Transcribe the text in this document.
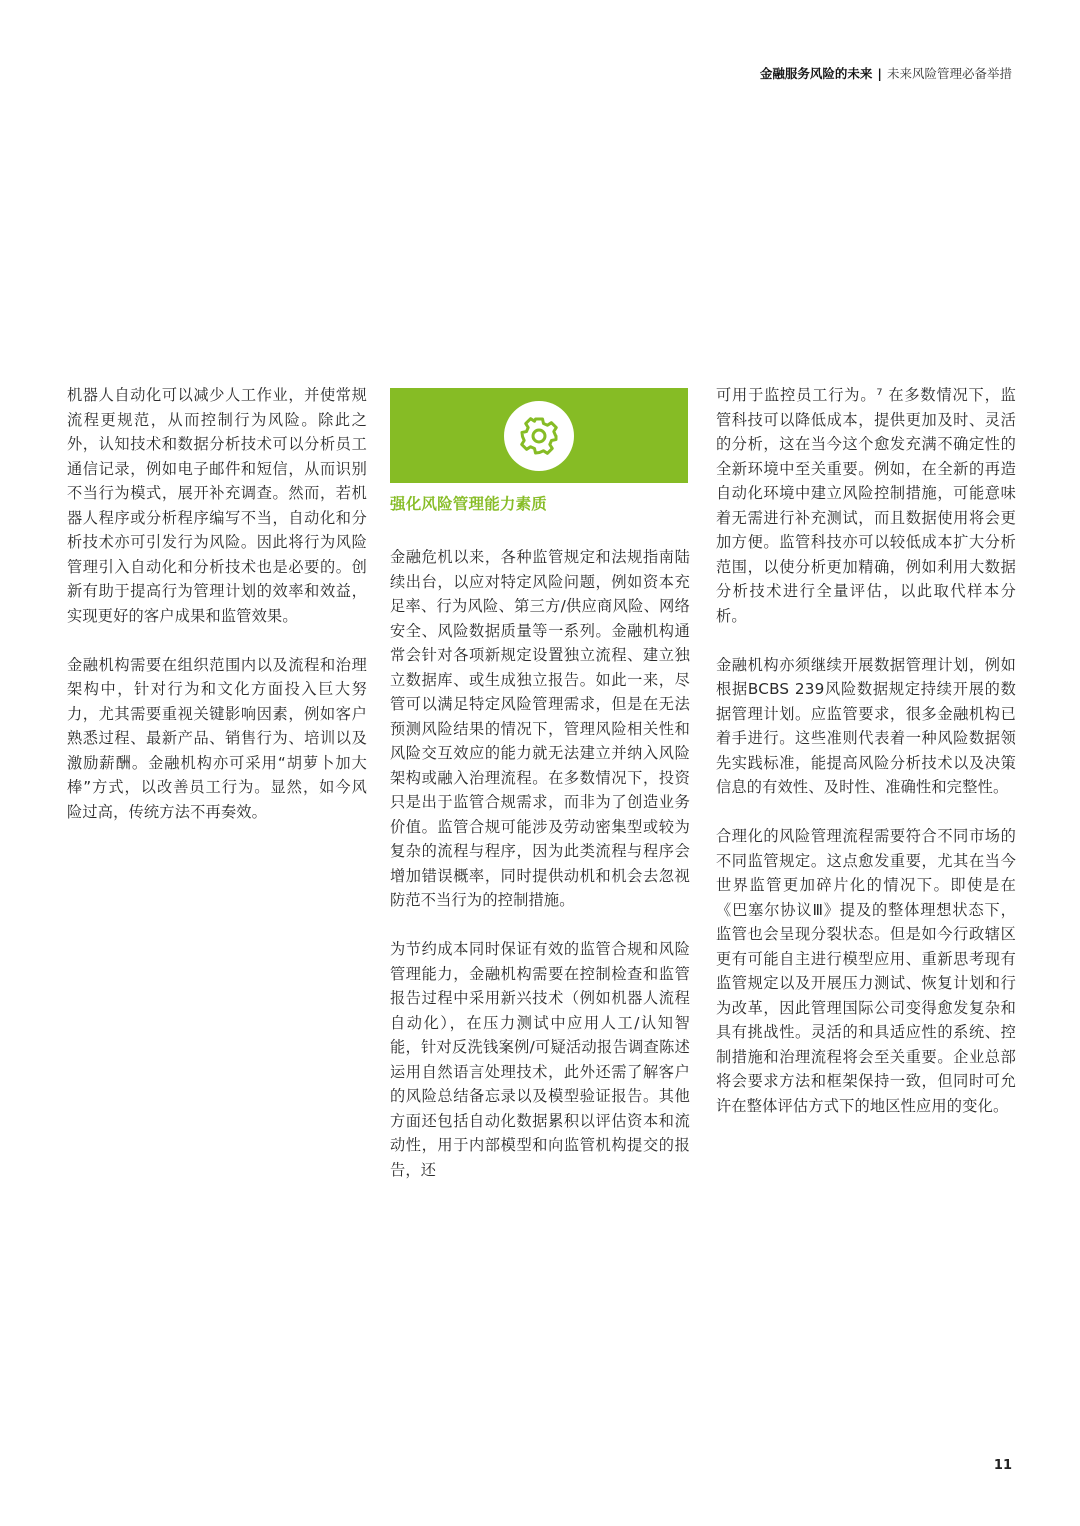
金融服务风险的未来 | 未来风险管理必备举措

机器人自动化可以减少人工作业，并使常规流程更规范，从而控制行为风险。除此之外，认知技术和数据分析技术可以分析员工通信记录，例如电子邮件和短信，从而识别不当行为模式，展开补充调查。然而，若机器人程序或分析程序编写不当，自动化和分析技术亦可引发行为风险。因此将行为风险管理引入自动化和分析技术也是必要的。创新有助于提高行为管理计划的效率和效益，实现更好的客户成果和监管效果。

金融机构需要在组织范围内以及流程和治理架构中，针对行为和文化方面投入巨大努力，尤其需要重视关键影响因素，例如客户熟悉过程、最新产品、销售行为、培训以及激励薪酬。金融机构亦可采用“胡萝卜加大棒”方式，以改善员工行为。显然，如今风险过高，传统方法不再奏效。

强化风险管理能力素质

金融危机以来，各种监管规定和法规指南陆续出台，以应对特定风险问题，例如资本充足率、行为风险、第三方/供应商风险、网络安全、风险数据质量等一系列。金融机构通常会针对各项新规定设置独立流程、建立独立数据库、或生成独立报告。如此一来，尽管可以满足特定风险管理需求，但是在无法预测风险结果的情况下，管理风险相关性和风险交互效应的能力就无法建立并纳入风险架构或融入治理流程。在多数情况下，投资只是出于监管合规需求，而非为了创造业务价值。监管合规可能涉及劳动密集型或较为复杂的流程与程序，因为此类流程与程序会增加错误概率，同时提供动机和机会去忽视防范不当行为的控制措施。

为节约成本同时保证有效的监管合规和风险管理能力，金融机构需要在控制检查和监管报告过程中采用新兴技术（例如机器人流程自动化），在压力测试中应用人工/认知智能，针对反洗钱案例/可疑活动报告调查陈述运用自然语言处理技术，此外还需了解客户的风险总结备忘录以及模型验证报告。其他方面还包括自动化数据累积以评估资本和流动性，用于内部模型和向监管机构提交的报告，还

可用于监控员工行为。⁷ 在多数情况下，监管科技可以降低成本，提供更加及时、灵活的分析，这在当今这个愈发充满不确定性的全新环境中至关重要。例如，在全新的再造自动化环境中建立风险控制措施，可能意味着无需进行补充测试，而且数据使用将会更加方便。监管科技亦可以较低成本扩大分析范围，以使分析更加精确，例如利用大数据分析技术进行全量评估，以此取代样本分析。

金融机构亦须继续开展数据管理计划，例如根据BCBS 239风险数据规定持续开展的数据管理计划。应监管要求，很多金融机构已着手进行。这些准则代表着一种风险数据领先实践标准，能提高风险分析技术以及决策信息的有效性、及时性、准确性和完整性。

合理化的风险管理流程需要符合不同市场的不同监管规定。这点愈发重要，尤其在当今世界监管更加碎片化的情况下。即使是在《巴塞尔协议Ⅲ》提及的整体理想状态下，监管也会呈现分裂状态。但是如今行政辖区更有可能自主进行模型应用、重新思考现有监管规定以及开展压力测试、恢复计划和行为改革，因此管理国际公司变得愈发复杂和具有挑战性。灵活的和具适应性的系统、控制措施和治理流程将会至关重要。企业总部将会要求方法和框架保持一致，但同时可允许在整体评估方式下的地区性应用的变化。

11
